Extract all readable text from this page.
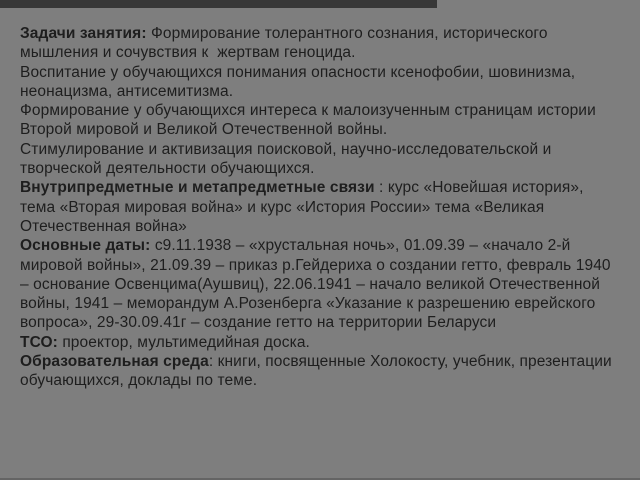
Задачи занятия: Формирование толерантного сознания, исторического мышления и сочувствия к  жертвам геноцида.

Воспитание у обучающихся понимания опасности ксенофобии, шовинизма, неонацизма, антисемитизма.

Формирование у обучающихся интереса к малоизученным страницам истории Второй мировой и Великой Отечественной войны.

Стимулирование и активизация поисковой, научно-исследовательской и творческой деятельности обучающихся.

Внутрипредметные и метапредметные связи : курс «Новейшая история», тема «Вторая мировая война» и курс «История России» тема «Великая Отечественная война»

Основные даты: с9.11.1938 – «хрустальная ночь», 01.09.39 – «начало 2-й мировой войны», 21.09.39 – приказ р.Гейдериха о создании гетто, февраль 1940 – основание Освенцима(Аушвиц), 22.06.1941 – начало великой Отечественной войны, 1941 – меморандум А.Розенберга «Указание к разрешению еврейского вопроса», 29-30.09.41г – создание гетто на территории Беларуси

ТСО: проектор, мультимедийная доска.

Образовательная среда: книги, посвященные Холокосту, учебник, презентации обучающихся, доклады по теме.
